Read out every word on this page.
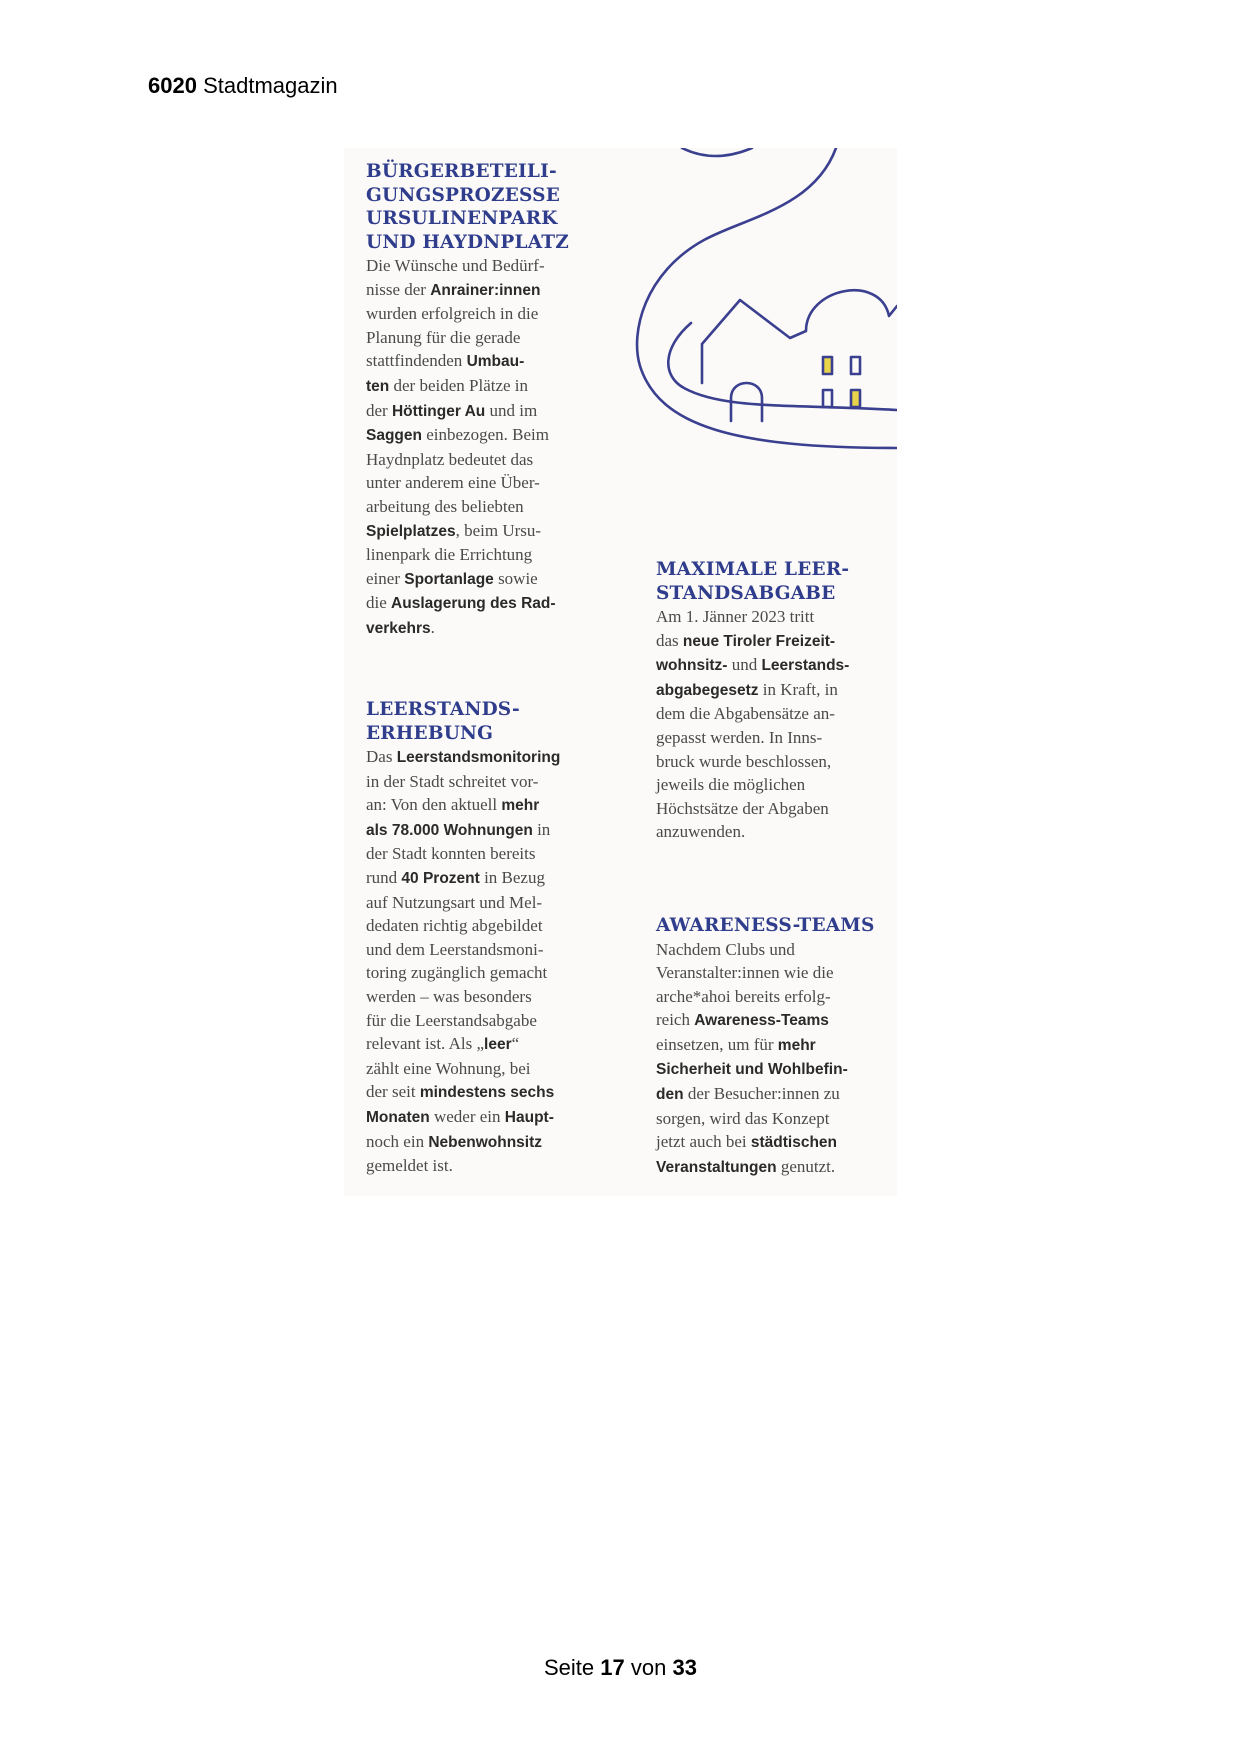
6020 Stadtmagazin
BÜRGERBETEILI-
GUNGSPROZESSE
URSULINENPARK
UND HAYDNPLATZ

Die Wünsche und Bedürf-
nisse der Anrainer:innen
wurden erfolgreich in die
Planung für die gerade
stattfindenden Umbau-
ten der beiden Plätze in
der Höttinger Au und im
Saggen einbezogen. Beim
Haydnplatz bedeutet das
unter anderem eine Über-
arbeitung des beliebten
Spielplatzes, beim Ursu-
linenpark die Errichtung
einer Sportanlage sowie
die Auslagerung des Rad-
verkehrs.

LEERSTANDS-
ERHEBUNG

Das Leerstandsmonitoring
in der Stadt schreitet vor-
an: Von den aktuell mehr
als 78.000 Wohnungen in
der Stadt konnten bereits
rund 40 Prozent in Bezug
auf Nutzungsart und Mel-
dedaten richtig abgebildet
und dem Leerstandsmoni-
toring zugänglich gemacht
werden – was besonders
für die Leerstandsabgabe
relevant ist. Als „leer“
zählt eine Wohnung, bei
der seit mindestens sechs
Monaten weder ein Haupt-
noch ein Nebenwohnsitz
gemeldet ist.

MAXIMALE LEER-
STANDSABGABE

Am 1. Jänner 2023 tritt
das neue Tiroler Freizeit-
wohnsitz- und Leerstands-
abgabegesetz in Kraft, in
dem die Abgabensätze an-
gepasst werden. In Inns-
bruck wurde beschlossen,
jeweils die möglichen
Höchstsätze der Abgaben
anzuwenden.

AWARENESS-TEAMS

Nachdem Clubs und
Veranstalter:innen wie die
arche*ahoi bereits erfolg-
reich Awareness-Teams
einsetzen, um für mehr
Sicherheit und Wohlbefin-
den der Besucher:innen zu
sorgen, wird das Konzept
jetzt auch bei städtischen
Veranstaltungen genutzt.

Seite 17 von 33
